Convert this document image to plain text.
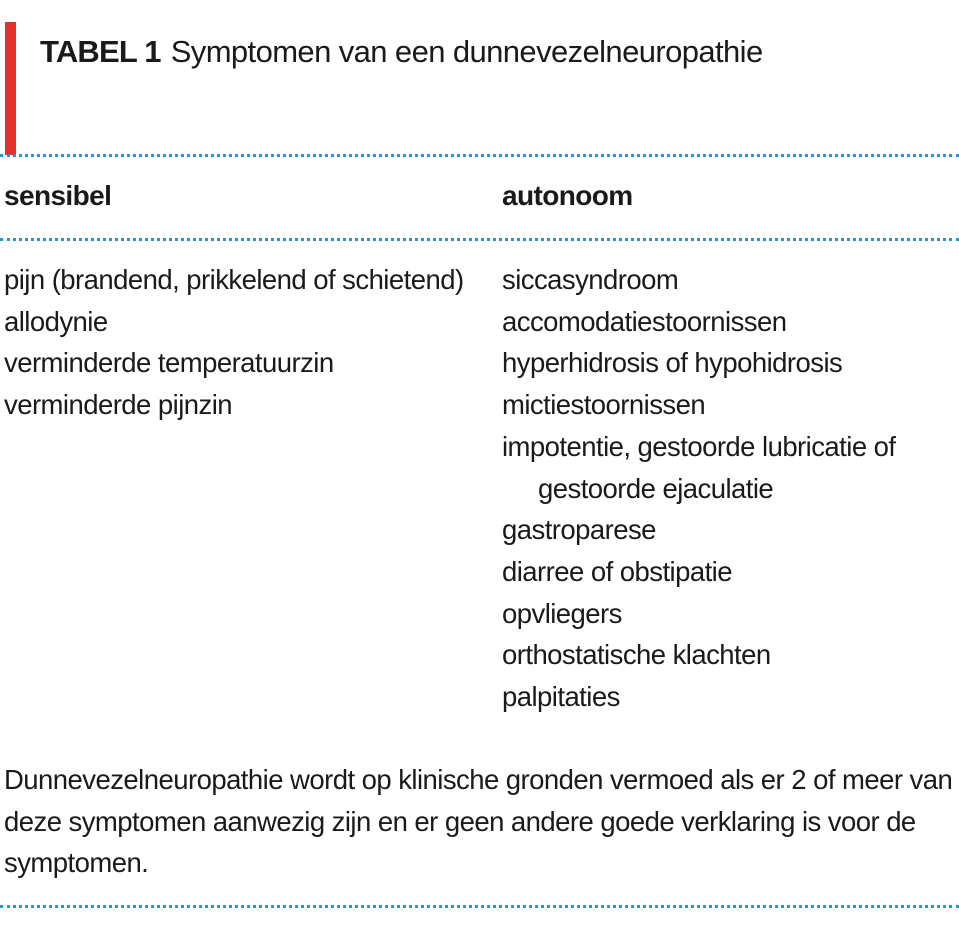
TABEL 1 Symptomen van een dunnevezelneuropathie
sensibel	autonoom
pijn (brandend, prikkelend of schietend)
allodynie
verminderde temperatuurzin
verminderde pijnzin
siccasyndroom
accomodatiestoornissen
hyperhidrosis of hypohidrosis
mictiestoornissen
impotentie, gestoorde lubricatie of gestoorde ejaculatie
gastroparese
diarree of obstipatie
opvliegers
orthostatische klachten
palpitaties
Dunnevezelneuropathie wordt op klinische gronden vermoed als er 2 of meer van deze symptomen aanwezig zijn en er geen andere goede verklaring is voor de symptomen.
